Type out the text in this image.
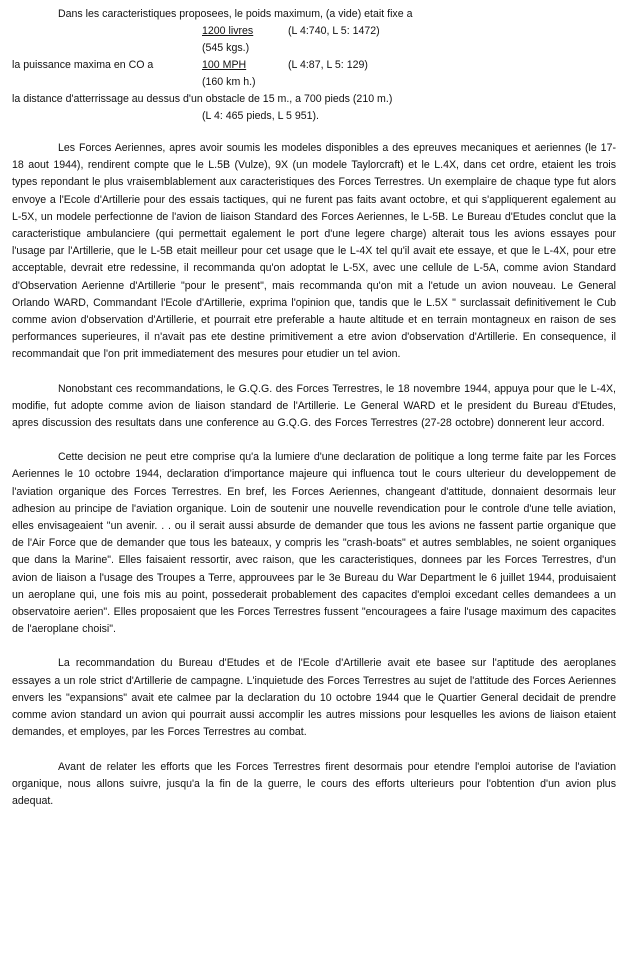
Dans les caracteristiques proposees, le poids maximum, (a vide) etait fixe a
1200 livres	(L 4:740, L 5: 1472)
(545 kgs.)
la puissance maxima en CO a	100 MPH	(L 4:87, L 5: 129)
(160 km h.)
la distance d'atterrissage au dessus d'un obstacle de 15 m., a 700 pieds (210 m.)
(L 4: 465 pieds, L 5 951).

Les Forces Aeriennes, apres avoir soumis les modeles disponibles a des epreuves mecaniques et aeriennes (le 17-18 aout 1944), rendirent compte que le L.5B (Vulze), 9X (un modele Taylorcraft) et le L.4X, dans cet ordre, etaient les trois types repondant le plus vraisemblablement aux caracteristiques des Forces Terrestres. Un exemplaire de chaque type fut alors envoye a l'Ecole d'Artillerie pour des essais tactiques, qui ne furent pas faits avant octobre, et qui s'appliquerent egalement au L-5X, un modele perfectionne de l'avion de liaison Standard des Forces Aeriennes, le L-5B. Le Bureau d'Etudes conclut que la caracteristique ambulanciere (qui permettait egalement le port d'une legere charge) alterait tous les avions essayes pour l'usage par l'Artillerie, que le L-5B etait meilleur pour cet usage que le L-4X tel qu'il avait ete essaye, et que le L-4X, pour etre acceptable, devrait etre redessine, il recommanda qu'on adoptat le L-5X, avec une cellule de L-5A, comme avion Standard d'Observation Aerienne d'Artillerie "pour le present", mais recommanda qu'on mit a l'etude un avion nouveau. Le General Orlando WARD, Commandant l'Ecole d'Artillerie, exprima l'opinion que, tandis que le L.5X " surclassait definitivement le Cub comme avion d'observation d'Artillerie, et pourrait etre preferable a haute altitude et en terrain montagneux en raison de ses performances superieures, il n'avait pas ete destine primitivement a etre avion d'observation d'Artillerie. En consequence, il recommandait que l'on prit immediatement des mesures pour etudier un tel avion.

Nonobstant ces recommandations, le G.Q.G. des Forces Terrestres, le 18 novembre 1944, appuya pour que le L-4X, modifie, fut adopte comme avion de liaison standard de l'Artillerie. Le General WARD et le president du Bureau d'Etudes, apres discussion des resultats dans une conference au G.Q.G. des Forces Terrestres (27-28 octobre) donnerent leur accord.

Cette decision ne peut etre comprise qu'a la lumiere d'une declaration de politique a long terme faite par les Forces Aeriennes le 10 octobre 1944, declaration d'importance majeure qui influenca tout le cours ulterieur du developpement de l'aviation organique des Forces Terrestres. En bref, les Forces Aeriennes, changeant d'attitude, donnaient desormais leur adhesion au principe de l'aviation organique. Loin de soutenir une nouvelle revendication pour le controle d'une telle aviation, elles envisageaient "un avenir. . . ou il serait aussi absurde de demander que tous les avions ne fassent partie organique que de l'Air Force que de demander que tous les bateaux, y compris les "crash-boats" et autres semblables, ne soient organiques que dans la Marine". Elles faisaient ressortir, avec raison, que les caracteristiques, donnees par les Forces Terrestres, d'un avion de liaison a l'usage des Troupes a Terre, approuvees par le 3e Bureau du War Department le 6 juillet 1944, produisaient un aeroplane qui, une fois mis au point, possederait probablement des capacites d'emploi excedant celles demandees a un observatoire aerien". Elles proposaient que les Forces Terrestres fussent "encouragees a faire l'usage maximum des capacites de l'aeroplane choisi".

La recommandation du Bureau d'Etudes et de l'Ecole d'Artillerie avait ete basee sur l'aptitude des aeroplanes essayes a un role strict d'Artillerie de campagne. L'inquietude des Forces Terrestres au sujet de l'attitude des Forces Aeriennes envers les "expansions" avait ete calmee par la declaration du 10 octobre 1944 que le Quartier General decidait de prendre comme avion standard un avion qui pourrait aussi accomplir les autres missions pour lesquelles les avions de liaison etaient demandes, et employes, par les Forces Terrestres au combat.

Avant de relater les efforts que les Forces Terrestres firent desormais pour etendre l'emploi autorise de l'aviation organique, nous allons suivre, jusqu'a la fin de la guerre, le cours des efforts ulterieurs pour l'obtention d'un avion plus adequat.
